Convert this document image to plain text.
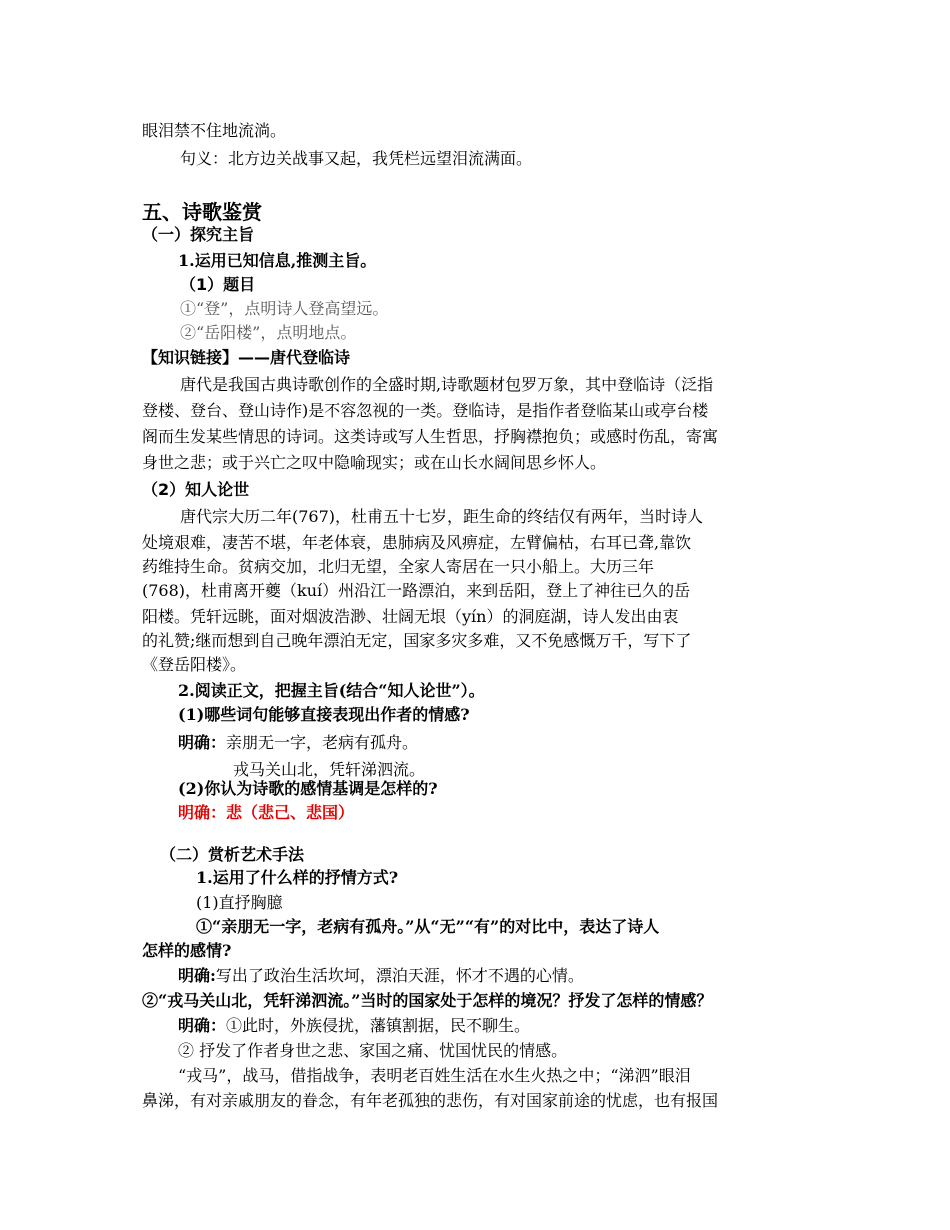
眼泪禁不住地流淌。
句义：北方边关战事又起，我凭栏远望泪流满面。
五、诗歌鉴赏
（一）探究主旨
1.运用已知信息,推测主旨。
（1）题目
①“登”，点明诗人登高望远。
②“岳阳楼”，点明地点。
【知识链接】——唐代登临诗
唐代是我国古典诗歌创作的全盛时期,诗歌题材包罗万象，其中登临诗（泛指
登楼、登台、登山诗作)是不容忽视的一类。登临诗，是指作者登临某山或亭台楼
阁而生发某些情思的诗词。这类诗或写人生哲思，抒胸襟抱负；或感时伤乱，寄寓
身世之悲；或于兴亡之叹中隐喻现实；或在山长水阔间思乡怀人。
（2）知人论世
唐代宗大历二年(767)，杜甫五十七岁，距生命的终结仅有两年，当时诗人
处境艰难，凄苦不堪，年老体衰，患肺病及风痹症，左臂偏枯，右耳已聋,靠饮
药维持生命。贫病交加，北归无望，全家人寄居在一只小船上。大历三年
(768)，杜甫离开夔（kuí）州沿江一路漂泊，来到岳阳，登上了神往已久的岳
阳楼。凭轩远眺，面对烟波浩渺、壮阔无垠（yín）的洞庭湖，诗人发出由衷
的礼赞;继而想到自己晚年漂泊无定，国家多灾多难，又不免感慨万千，写下了
《登岳阳楼》。
2.阅读正文，把握主旨(结合“知人论世”）。
(1)哪些词句能够直接表现出作者的情感?
明确：亲朋无一字，老病有孤舟。
戎马关山北，凭轩涕泗流。
(2)你认为诗歌的感情基调是怎样的?
明确：悲（悲己、悲国）
（二）赏析艺术手法
1.运用了什么样的抒情方式?
(1)直抒胸臆
①“亲朋无一字，老病有孤舟。”从“无”“有”的对比中，表达了诗人
怎样的感情?
明确:写出了政治生活坎坷，漂泊天涯，怀才不遇的心情。
②“戎马关山北，凭轩涕泗流。”当时的国家处于怎样的境况？抒发了怎样的情感？
明确：①此时，外族侵扰，藩镇割据，民不聊生。
② 抒发了作者身世之悲、家国之痛、忧国忧民的情感。
“戎马”，战马，借指战争，表明老百姓生活在水生火热之中；“涕泗”眼泪
鼻涕，有对亲戚朋友的眷念，有年老孤独的悲伤，有对国家前途的忧虑，也有报国
